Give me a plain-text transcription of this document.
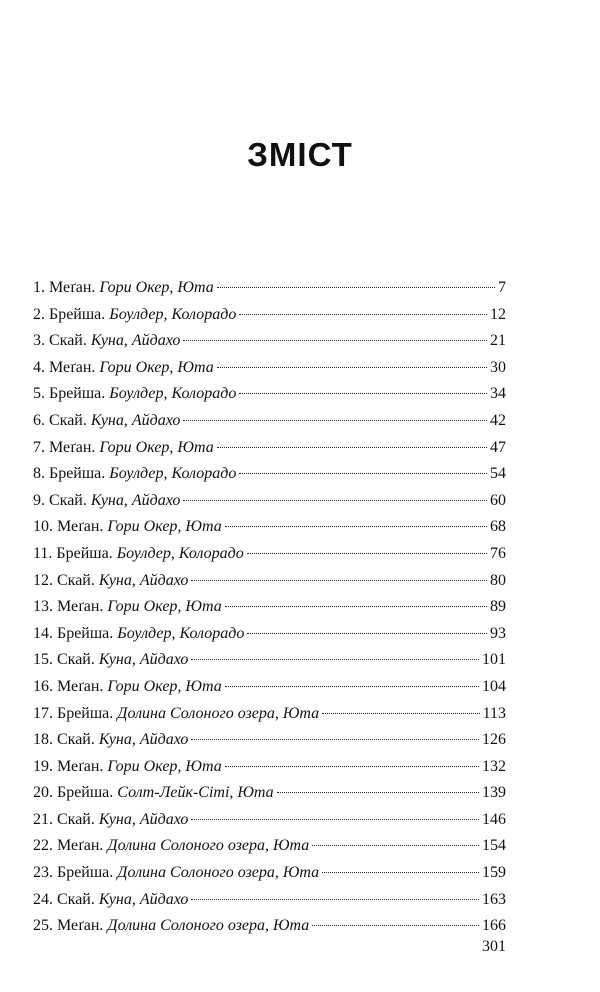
ЗМІСТ
1. Меґан. Гори Окер, Юта	7
2. Брейша. Боулдер, Колорадо	12
3. Скай. Куна, Айдахо	21
4. Меґан. Гори Окер, Юта	30
5. Брейша. Боулдер, Колорадо	34
6. Скай. Куна, Айдахо	42
7. Меґан. Гори Окер, Юта	47
8. Брейша. Боулдер, Колорадо	54
9. Скай. Куна, Айдахо	60
10. Меґан. Гори Окер, Юта	68
11. Брейша. Боулдер, Колорадо	76
12. Скай. Куна, Айдахо	80
13. Меґан. Гори Окер, Юта	89
14. Брейша. Боулдер, Колорадо	93
15. Скай. Куна, Айдахо	101
16. Меґан. Гори Окер, Юта	104
17. Брейша. Долина Солоного озера, Юта	113
18. Скай. Куна, Айдахо	126
19. Меґан. Гори Окер, Юта	132
20. Брейша. Солт-Лейк-Сіті, Юта	139
21. Скай. Куна, Айдахо	146
22. Меґан. Долина Солоного озера, Юта	154
23. Брейша. Долина Солоного озера, Юта	159
24. Скай. Куна, Айдахо	163
25. Меґан. Долина Солоного озера, Юта	166
301
